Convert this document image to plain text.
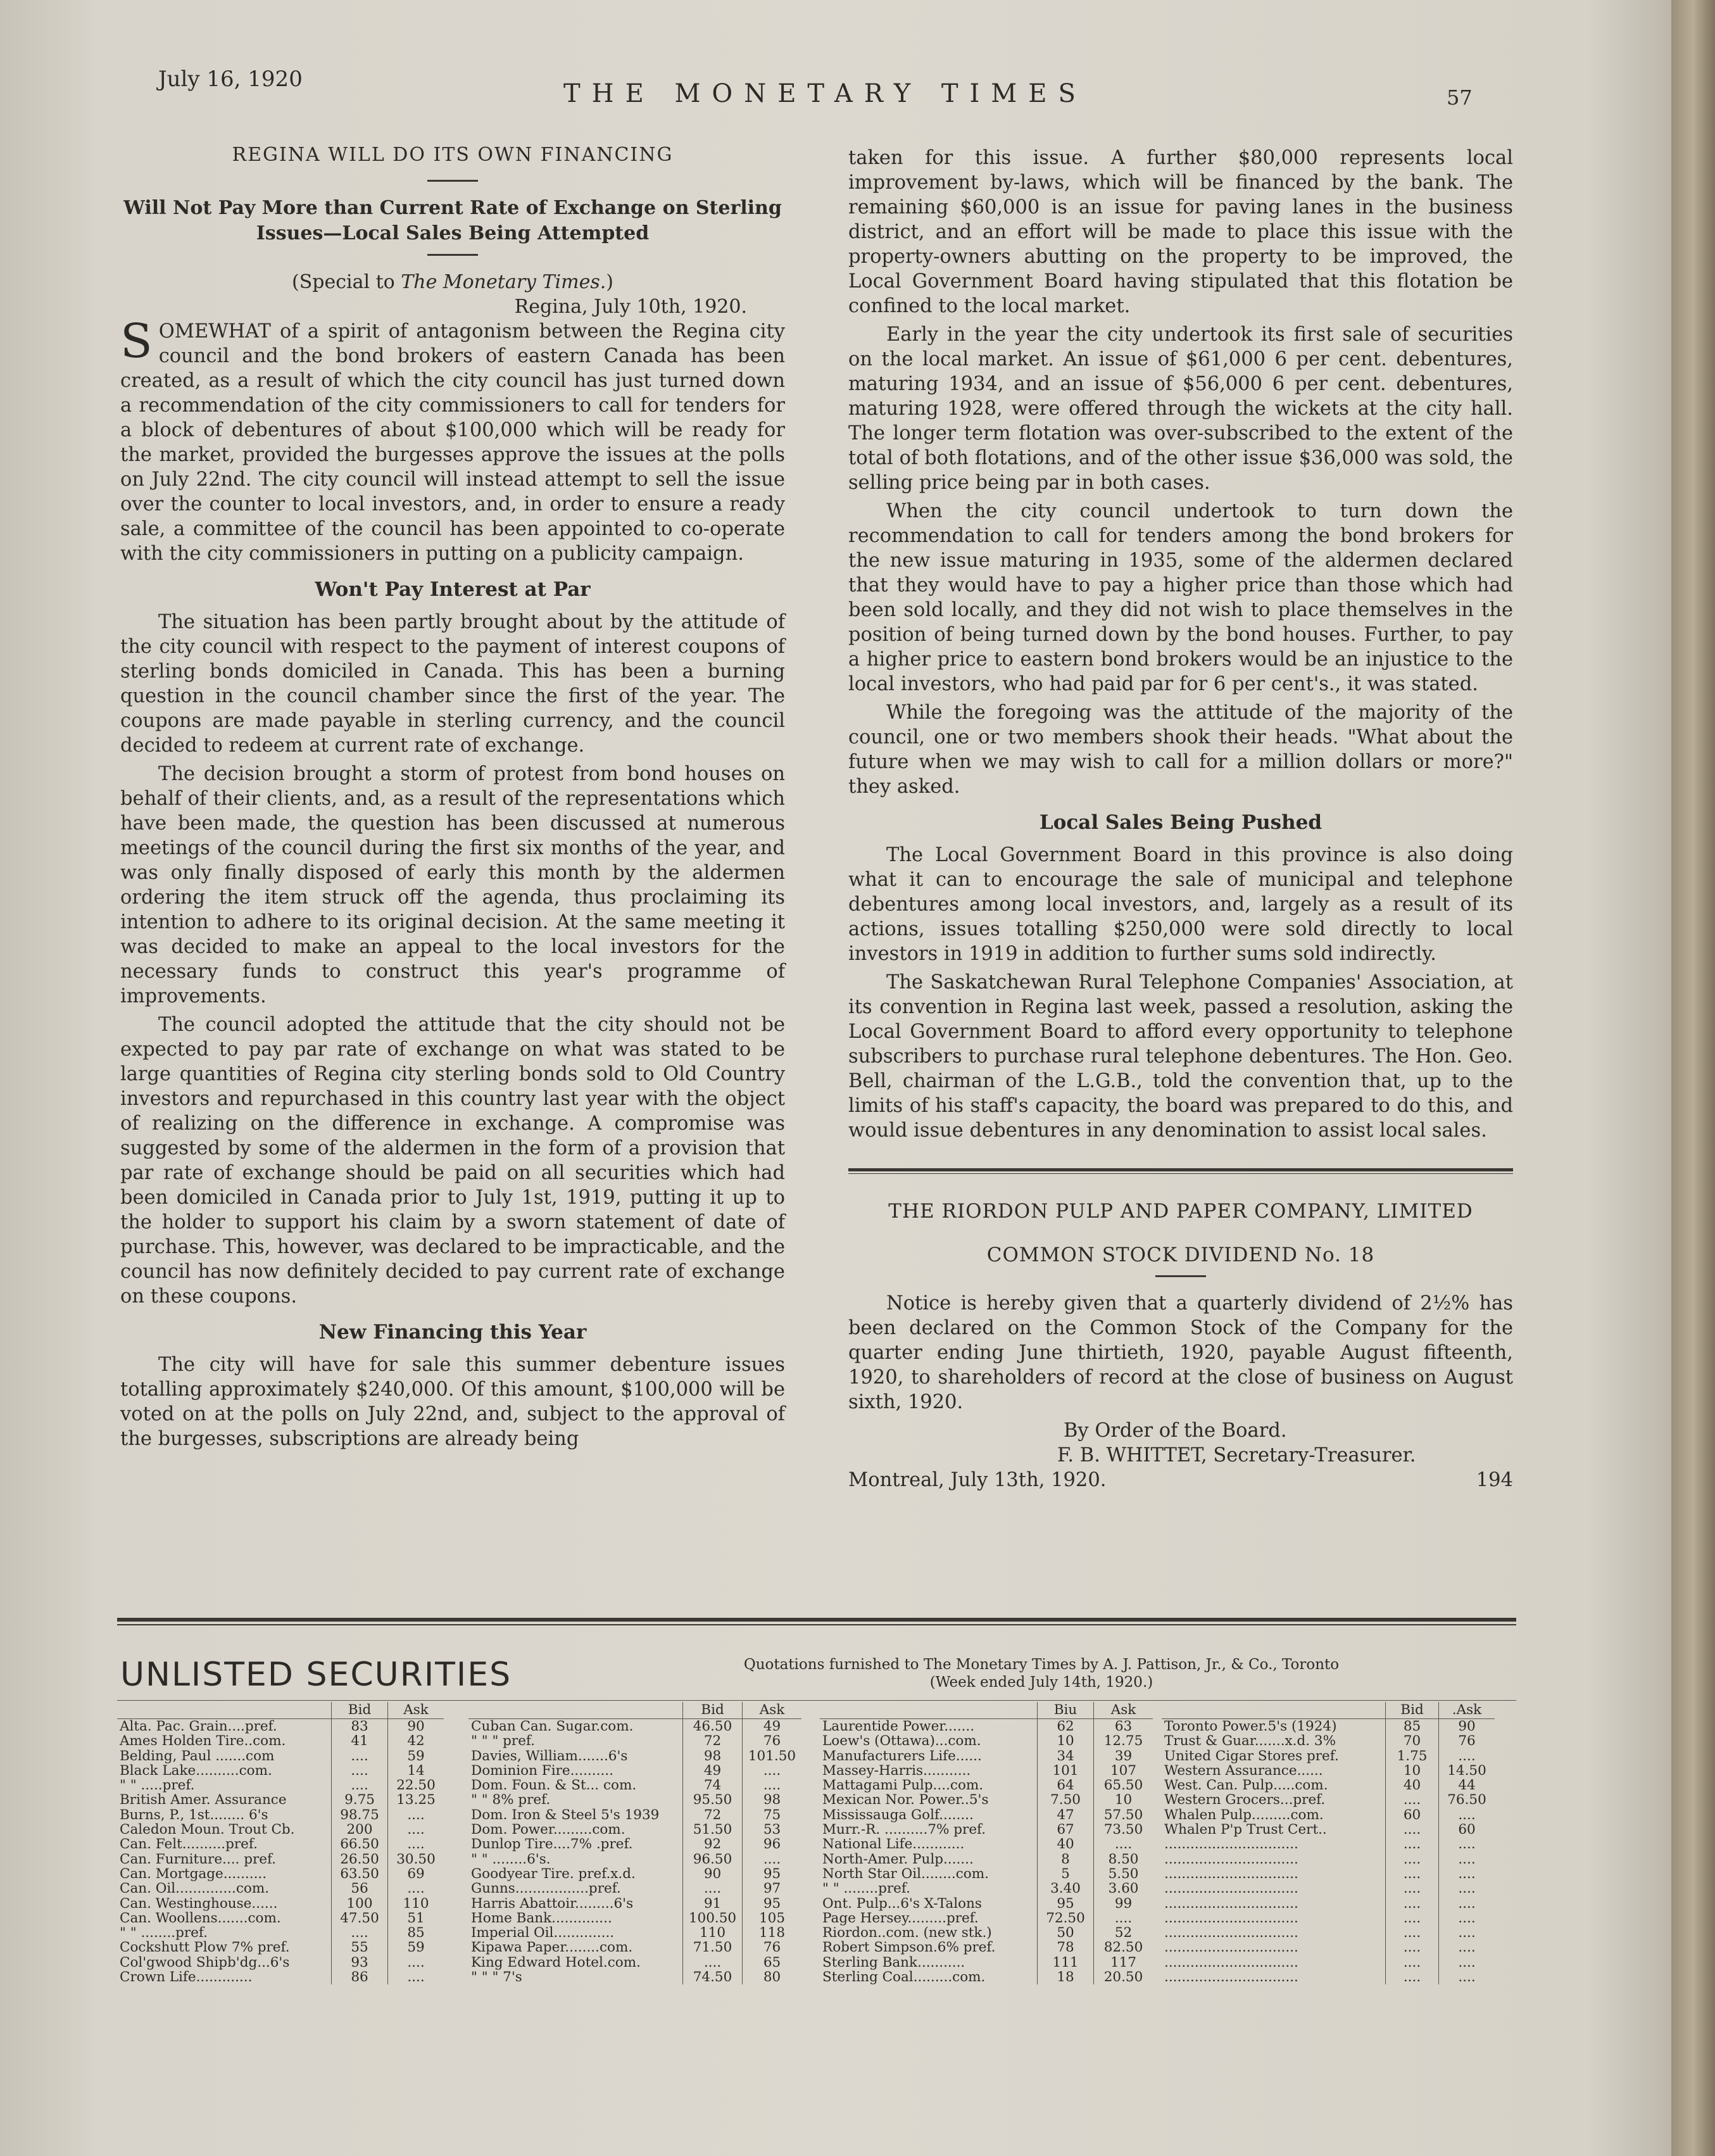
July 16, 1920	THE MONETARY TIMES	57
REGINA WILL DO ITS OWN FINANCING
Will Not Pay More than Current Rate of Exchange on Sterling Issues—Local Sales Being Attempted
(Special to The Monetary Times.)
Regina, July 10th, 1920.

SOMEWHAT of a spirit of antagonism between the Regina city council and the bond brokers of eastern Canada has been created, as a result of which the city council has just turned down a recommendation of the city commissioners to call for tenders for a block of debentures of about $100,000 which will be ready for the market, provided the burgesses approve the issues at the polls on July 22nd. The city council will instead attempt to sell the issue over the counter to local investors, and, in order to ensure a ready sale, a committee of the council has been appointed to co-operate with the city commissioners in putting on a publicity campaign.

Won't Pay Interest at Par

The situation has been partly brought about by the attitude of the city council with respect to the payment of interest coupons of sterling bonds domiciled in Canada. This has been a burning question in the council chamber since the first of the year. The coupons are made payable in sterling currency, and the council decided to redeem at current rate of exchange.

The decision brought a storm of protest from bond houses on behalf of their clients, and, as a result of the representations which have been made, the question has been discussed at numerous meetings of the council during the first six months of the year, and was only finally disposed of early this month by the aldermen ordering the item struck off the agenda, thus proclaiming its intention to adhere to its original decision. At the same meeting it was decided to make an appeal to the local investors for the necessary funds to construct this year's programme of improvements.

The council adopted the attitude that the city should not be expected to pay par rate of exchange on what was stated to be large quantities of Regina city sterling bonds sold to Old Country investors and repurchased in this country last year with the object of realizing on the difference in exchange. A compromise was suggested by some of the aldermen in the form of a provision that par rate of exchange should be paid on all securities which had been domiciled in Canada prior to July 1st, 1919, putting it up to the holder to support his claim by a sworn statement of date of purchase. This, however, was declared to be impracticable, and the council has now definitely decided to pay current rate of exchange on these coupons.

New Financing this Year

The city will have for sale this summer debenture issues totalling approximately $240,000. Of this amount, $100,000 will be voted on at the polls on July 22nd, and, subject to the approval of the burgesses, subscriptions are already being

taken for this issue. A further $80,000 represents local improvement by-laws, which will be financed by the bank. The remaining $60,000 is an issue for paving lanes in the business district, and an effort will be made to place this issue with the property-owners abutting on the property to be improved, the Local Government Board having stipulated that this flotation be confined to the local market.

Early in the year the city undertook its first sale of securities on the local market. An issue of $61,000 6 per cent. debentures, maturing 1934, and an issue of $56,000 6 per cent. debentures, maturing 1928, were offered through the wickets at the city hall. The longer term flotation was over-subscribed to the extent of the total of both flotations, and of the other issue $36,000 was sold, the selling price being par in both cases.

When the city council undertook to turn down the recommendation to call for tenders among the bond brokers for the new issue maturing in 1935, some of the aldermen declared that they would have to pay a higher price than those which had been sold locally, and they did not wish to place themselves in the position of being turned down by the bond houses. Further, to pay a higher price to eastern bond brokers would be an injustice to the local investors, who had paid par for 6 per cent's., it was stated.

While the foregoing was the attitude of the majority of the council, one or two members shook their heads. "What about the future when we may wish to call for a million dollars or more?" they asked.

Local Sales Being Pushed

The Local Government Board in this province is also doing what it can to encourage the sale of municipal and telephone debentures among local investors, and, largely as a result of its actions, issues totalling $250,000 were sold directly to local investors in 1919 in addition to further sums sold indirectly.

The Saskatchewan Rural Telephone Companies' Association, at its convention in Regina last week, passed a resolution, asking the Local Government Board to afford every opportunity to telephone subscribers to purchase rural telephone debentures. The Hon. Geo. Bell, chairman of the L.G.B., told the convention that, up to the limits of his staff's capacity, the board was prepared to do this, and would issue debentures in any denomination to assist local sales.

THE RIORDON PULP AND PAPER COMPANY, LIMITED
COMMON STOCK DIVIDEND No. 18

Notice is hereby given that a quarterly dividend of 2½% has been declared on the Common Stock of the Company for the quarter ending June thirtieth, 1920, payable August fifteenth, 1920, to shareholders of record at the close of business on August sixth, 1920.

By Order of the Board.
F. B. WHITTET, Secretary-Treasurer.
Montreal, July 13th, 1920.	194
UNLISTED SECURITIES	Quotations furnished to The Monetary Times by A. J. Pattison, Jr., & Co., Toronto
(Week ended July 14th, 1920.)
	Bid	Ask
Alta. Pac. Grain....pref.	83	90
Ames Holden Tire..com.	41	42
Belding, Paul .......com	....	59
Black Lake..........com.	....	14
" " .....pref.	....	22.50
British Amer. Assurance	9.75	13.25
Burns, P., 1st........ 6's	98.75	....
Caledon Moun. Trout Cb.	200	....
Can. Felt..........pref.	66.50	....
Can. Furniture.... pref.	26.50	30.50
Can. Mortgage..........	63.50	69
Can. Oil..............com.	56	....
Can. Westinghouse......	100	110
Can. Woollens.......com.	47.50	51
" " ........pref.	....	85
Cockshutt Plow 7% pref.	55	59
Col'gwood Shipb'dg...6's	93	....
Crown Life.............	86	....
	Bid	Ask
Cuban Can. Sugar.com.	46.50	49
" " " pref.	72	76
Davies, William.......6's	98	101.50
Dominion Fire..........	49	....
Dom. Foun. & St... com.	74	....
" " 8% pref.	95.50	98
Dom. Iron & Steel 5's 1939	72	75
Dom. Power.........com.	51.50	53
Dunlop Tire....7% .pref.	92	96
" " ........6's.	96.50	....
Goodyear Tire. pref.x.d.	90	95
Gunns.................pref.	....	97
Harris Abattoir.........6's	91	95
Home Bank..............	100.50	105
Imperial Oil..............	110	118
Kipawa Paper........com.	71.50	76
King Edward Hotel.com.	....	65
" " " 7's	74.50	80
	Biu	Ask
Laurentide Power.......	62	63
Loew's (Ottawa)...com.	10	12.75
Manufacturers Life......	34	39
Massey-Harris...........	101	107
Mattagami Pulp....com.	64	65.50
Mexican Nor. Power..5's	7.50	10
Mississauga Golf........	47	57.50
Murr.-R. ..........7% pref.	67	73.50
National Life............	40	....
North-Amer. Pulp.......	8	8.50
North Star Oil........com.	5	5.50
" " ........pref.	3.40	3.60
Ont. Pulp...6's X-Talons	95	99
Page Hersey.........pref.	72.50	....
Riordon..com. (new stk.)	50	52
Robert Simpson.6% pref.	78	82.50
Sterling Bank...........	111	117
Sterling Coal.........com.	18	20.50
	Bid	.Ask
Toronto Power.5's (1924)	85	90
Trust & Guar.......x.d. 3%	70	76
United Cigar Stores pref.	1.75	....
Western Assurance......	10	14.50
West. Can. Pulp.....com.	40	44
Western Grocers...pref.	....	76.50
Whalen Pulp.........com.	60	....
Whalen P'p Trust Cert..	....	60
...............................	....	....
...............................	....	....
...............................	....	....
...............................	....	....
...............................	....	....
...............................	....	....
...............................	....	....
...............................	....	....
...............................	....	....
...............................	....	....
